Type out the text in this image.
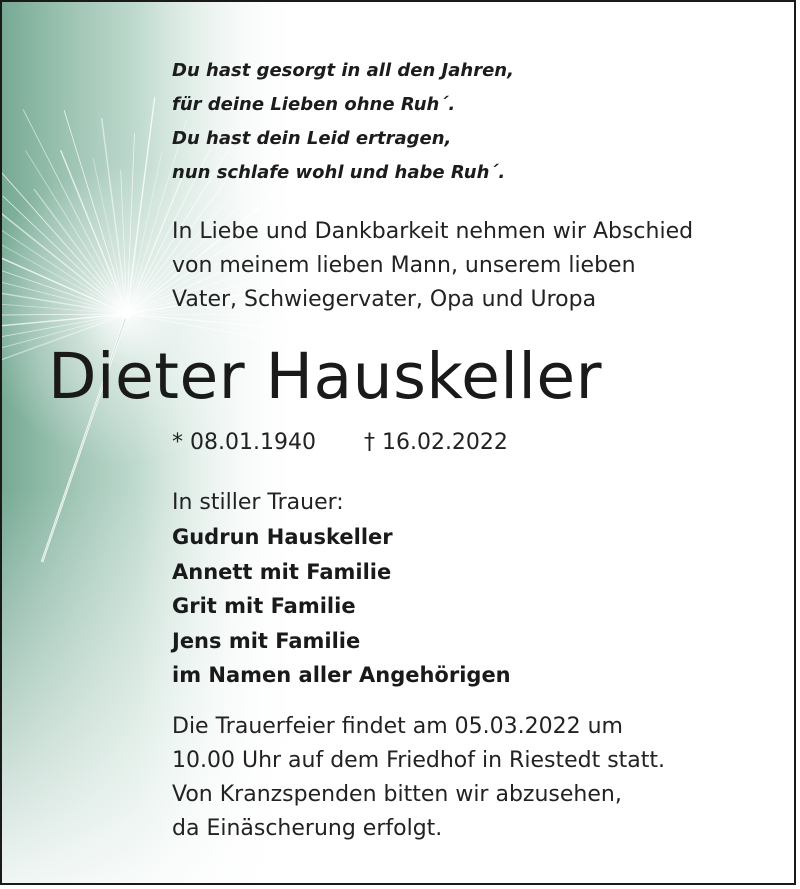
Du hast gesorgt in all den Jahren,
für deine Lieben ohne Ruh´.
Du hast dein Leid ertragen,
nun schlafe wohl und habe Ruh´.
In Liebe und Dankbarkeit nehmen wir Abschied
von meinem lieben Mann, unserem lieben
Vater, Schwiegervater, Opa und Uropa
Dieter Hauskeller
* 08.01.1940 † 16.02.2022
In stiller Trauer:
Gudrun Hauskeller
Annett mit Familie
Grit mit Familie
Jens mit Familie
im Namen aller Angehörigen
Die Trauerfeier findet am 05.03.2022 um
10.00 Uhr auf dem Friedhof in Riestedt statt.
Von Kranzspenden bitten wir abzusehen,
da Einäscherung erfolgt.
